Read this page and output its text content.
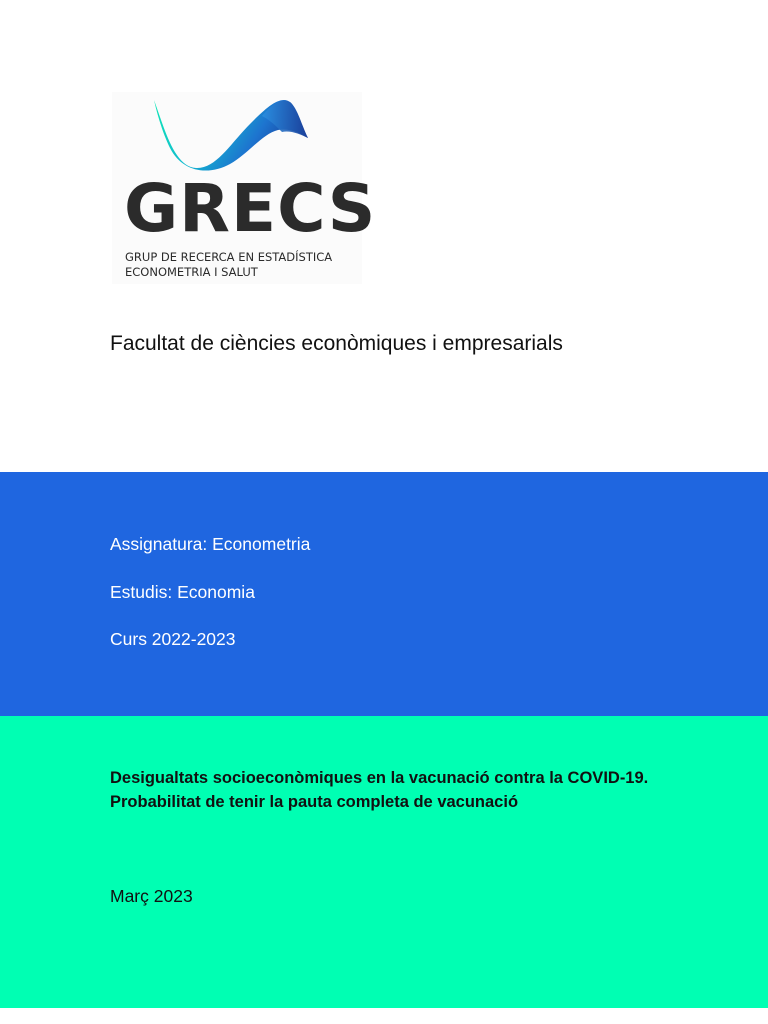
GRECS
GRUP DE RECERCA EN ESTADÍSTICA
ECONOMETRIA I SALUT
Facultat de ciències econòmiques i empresarials
Assignatura: Econometria
Estudis: Economia
Curs 2022-2023
Desigualtats socioeconòmiques en la vacunació contra la COVID-19. Probabilitat de tenir la pauta completa de vacunació
Març 2023
